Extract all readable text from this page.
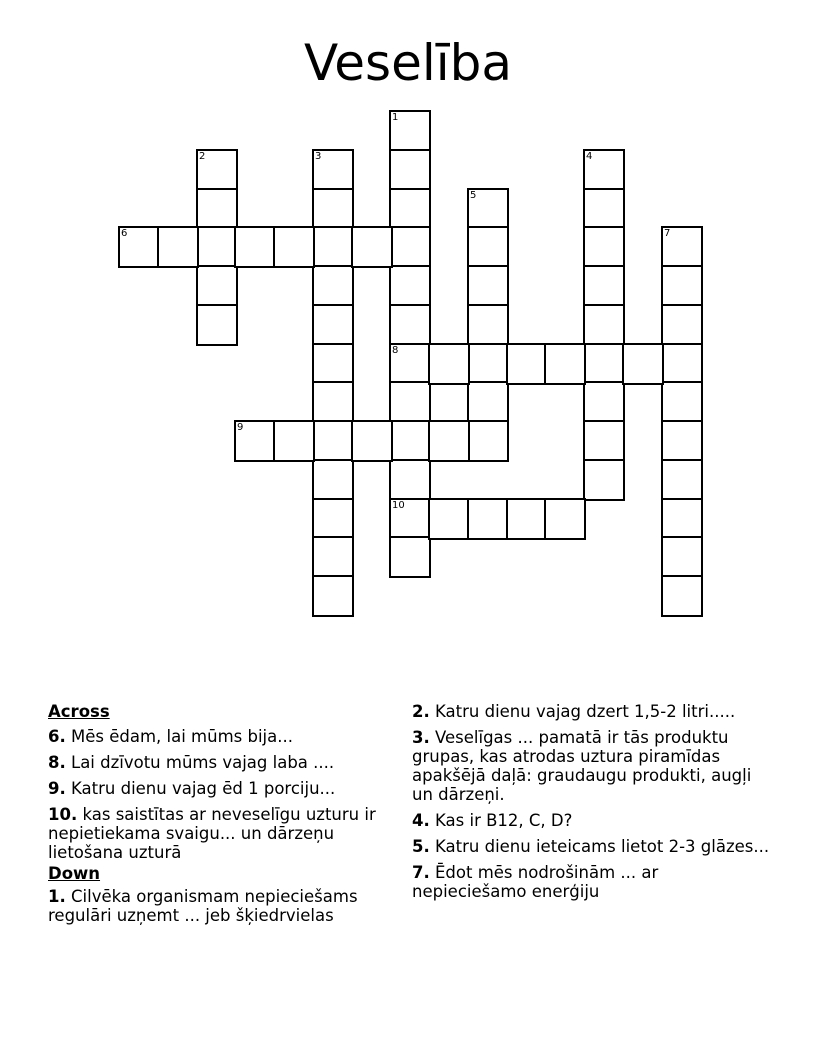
Veselība
1
8
10
2	3	4
5
6	7
9
Across
6. Mēs ēdam, lai mūms bija...
8. Lai dzīvotu mūms vajag laba ....
9. Katru dienu vajag ēd 1 porciju...
10. kas saistītas ar neveselīgu uzturu ir nepietiekama svaigu... un dārzeņu lietošana uzturā
Down
1. Cilvēka organismam nepieciešams regulāri uzņemt ... jeb šķiedrvielas
2. Katru dienu vajag dzert 1,5-2 litri.....
3. Veselīgas ... pamatā ir tās produktu grupas, kas atrodas uztura piramīdas apakšējā daļā: graudaugu produkti, augļi un dārzeņi.
4. Kas ir B12, C, D?
5. Katru dienu ieteicams lietot 2-3 glāzes...
7. Ēdot mēs nodrošinām ... ar nepieciešamo enerģiju
